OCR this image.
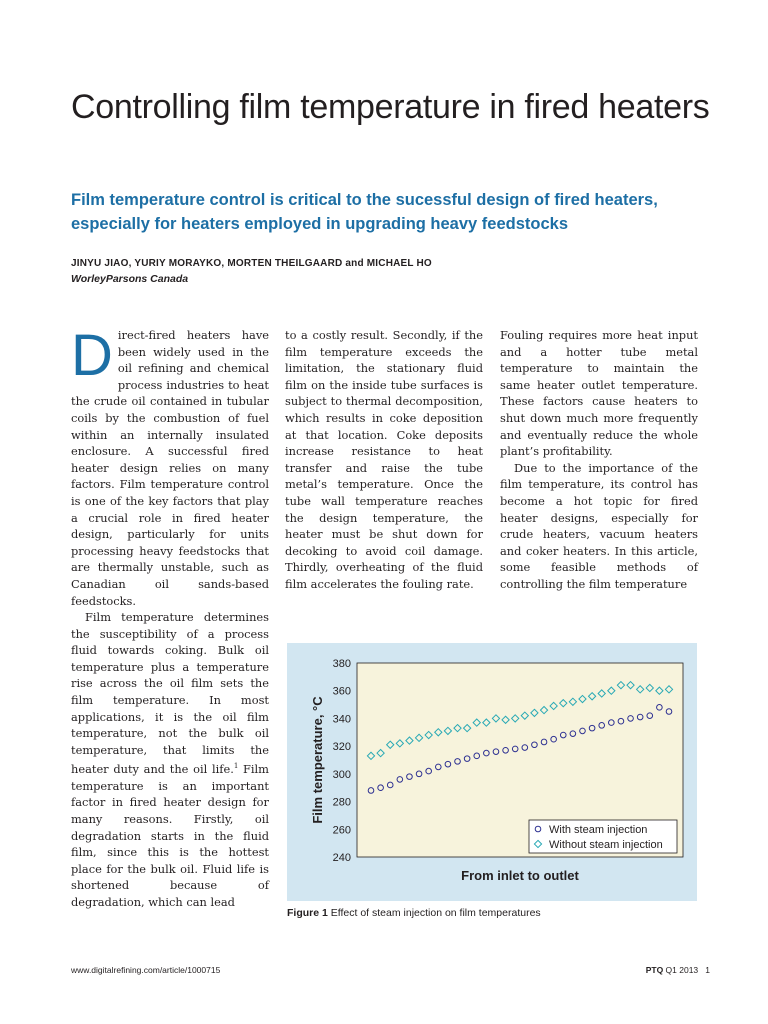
Controlling film temperature in fired heaters
Film temperature control is critical to the sucessful design of fired heaters, especially for heaters employed in upgrading heavy feedstocks
JINYU JIAO, YURIY MORAYKO, MORTEN THEILGAARD and MICHAEL HO
WorleyParsons Canada

Direct-fired heaters have been widely used in the oil refining and chemical process industries to heat the crude oil contained in tubular coils by the combustion of fuel within an internally insulated enclosure. A successful fired heater design relies on many factors. Film temperature control is one of the key factors that play a crucial role in fired heater design, particularly for units processing heavy feedstocks that are thermally unstable, such as Canadian oil sands-based feedstocks.

Film temperature determines the susceptibility of a process fluid towards coking. Bulk oil temperature plus a temperature rise across the oil film sets the film temperature. In most applications, it is the oil film temperature, not the bulk oil temperature, that limits the heater duty and the oil life.$^1$ Film temperature is an important factor in fired heater design for many reasons. Firstly, oil degradation starts in the fluid film, since this is the hottest place for the bulk oil. Fluid life is shortened because of degradation, which can lead

to a costly result. Secondly, if the film temperature exceeds the limitation, the stationary fluid film on the inside tube surfaces is subject to thermal decomposition, which results in coke deposition at that location. Coke deposits increase resistance to heat transfer and raise the tube metal’s temperature. Once the tube wall temperature reaches the design temperature, the heater must be shut down for decoking to avoid coil damage. Thirdly, overheating of the fluid film accelerates the fouling rate.

Fouling requires more heat input and a hotter tube metal temperature to maintain the same heater outlet temperature. These factors cause heaters to shut down much more frequently and eventually reduce the whole plant’s profitability.

Due to the importance of the film temperature, its control has become a hot topic for fired heater designs, especially for crude heaters, vacuum heaters and coker heaters. In this article, some feasible methods of controlling the film temperature

240
260
280
300
320
340
360
380
From inlet to outlet
Film temperature, °C
With steam injection
Without steam injection
Figure 1 Effect of steam injection on film temperatures
www.digitalrefining.com/article/1000715	PTQ Q1 2013 1
